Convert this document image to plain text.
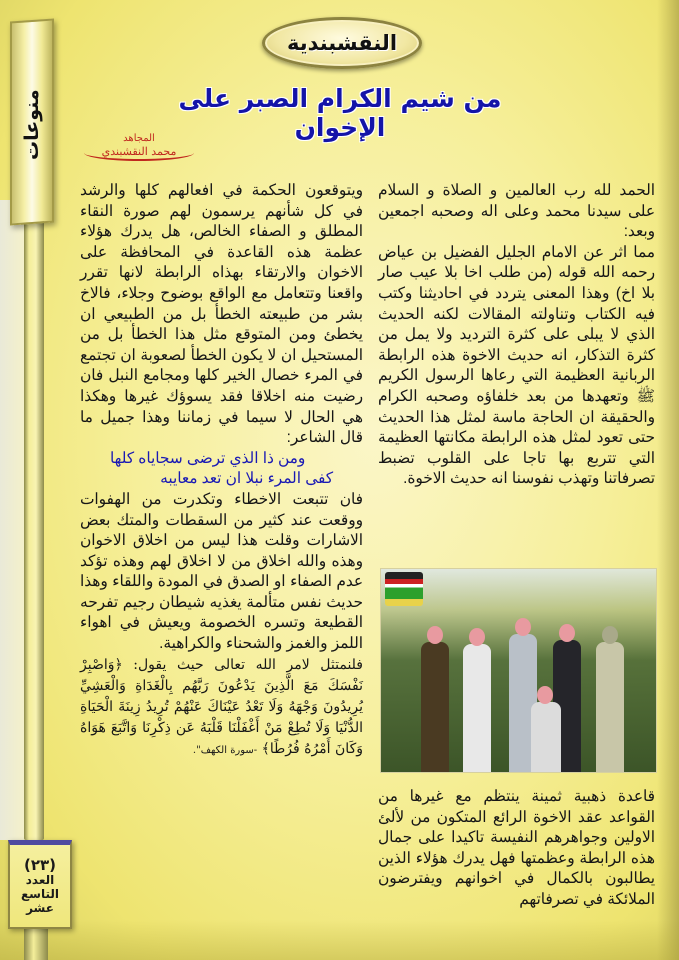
منوعات
(٢٣)
العدد
التاسع
عشر
النقشبندية
من شيم الكرام الصبر على الإخوان
المجاهد
محمد النقشبندي

الحمد لله رب العالمين و الصلاة و السلام على سيدنا محمد وعلى اله وصحبه اجمعين وبعد:

مما اثر عن الامام الجليل الفضيل بن عياض رحمه الله قوله (من طلب اخا بلا عيب صار بلا اخ) وهذا المعنى يتردد في احاديثنا وكتب فيه الكتاب وتناولته المقالات لكنه الحديث الذي لا يبلى على كثرة الترديد ولا يمل من كثرة التذكار، انه حديث الاخوة هذه الرابطة الربانية العظيمة التي رعاها الرسول الكريم ﷺ وتعهدها من بعد خلفاؤه وصحبه الكرام والحقيقة ان الحاجة ماسة لمثل هذا الحديث حتى تعود لمثل هذه الرابطة مكانتها العظيمة التي تتربع بها تاجا على القلوب تضبط تصرفاتنا وتهذب نفوسنا انه حديث الاخوة.

قاعدة ذهبية ثمينة ينتظم مع غيرها من القواعد عقد الاخوة الرائع المتكون من لألئ الاولين وجواهرهم النفيسة تاكيدا على جمال هذه الرابطة وعظمتها فهل يدرك هؤلاء الذين يطالبون بالكمال في اخوانهم ويفترضون الملائكة في تصرفاتهم

ويتوقعون الحكمة في افعالهم كلها والرشد في كل شأنهم يرسمون لهم صورة النقاء المطلق و الصفاء الخالص، هل يدرك هؤلاء عظمة هذه القاعدة في المحافظة على الاخوان والارتقاء بهذاه الرابطة لانها تقرر واقعنا وتتعامل مع الواقع بوضوح وجلاء، فالاخ بشر من طبيعته الخطأ بل من الطبيعي ان يخطئ ومن المتوقع مثل هذا الخطأ بل من المستحيل ان لا يكون الخطأ لصعوبة ان تجتمع في المرء خصال الخير كلها ومجامع النبل فان رضيت منه اخلاقا فقد يسوؤك غيرها وهكذا هي الحال لا سيما في زماننا وهذا جميل ما قال الشاعر:

ومن ذا الذي ترضى سجاياه كلها

كفى المرء نبلا ان تعد معايبه

فان تتبعت الاخطاء وتكدرت من الهفوات ووقعت عند كثير من السقطات والمتك بعض الاشارات وقلت هذا ليس من اخلاق الاخوان وهذه والله اخلاق من لا اخلاق لهم وهذه تؤكد عدم الصفاء او الصدق في المودة واللقاء وهذا حديث نفس متألمة يغذيه شيطان رجيم تفرحه القطيعة وتسره الخصومة ويعيش في اهواء اللمز والغمز والشحناء والكراهية.

فلنمتثل لامر الله تعالى حيث يقول: ﴿وَاصْبِرْ نَفْسَكَ مَعَ الَّذِينَ يَدْعُونَ رَبَّهُم بِالْغَدَاةِ وَالْعَشِيِّ يُرِيدُونَ وَجْهَهُ وَلَا تَعْدُ عَيْنَاكَ عَنْهُمْ تُرِيدُ زِينَةَ الْحَيَاةِ الدُّنْيَا وَلَا تُطِعْ مَنْ أَغْفَلْنَا قَلْبَهُ عَن ذِكْرِنَا وَاتَّبَعَ هَوَاهُ وَكَانَ أَمْرُهُ فُرُطًا﴾ -سورة الكهف".
